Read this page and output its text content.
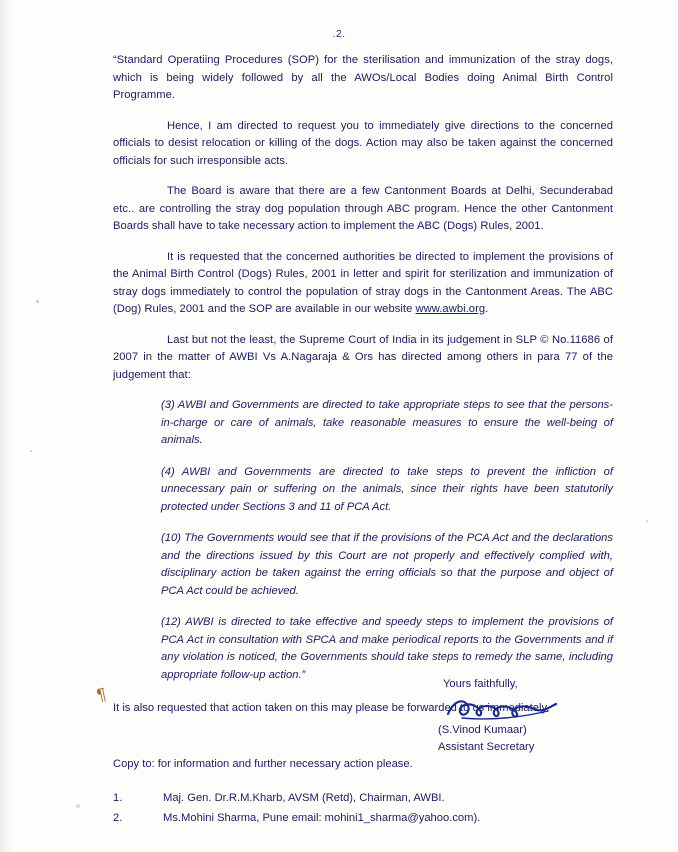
.2.

“Standard Operatiing Procedures (SOP) for the sterilisation and immunization of the stray dogs, which is being widely followed by all the AWOs/Local Bodies doing Animal Birth Control Programme.

Hence, I am directed to request you to immediately give directions to the concerned officials to desist relocation or killing of the dogs. Action may also be taken against the concerned officials for such irresponsible acts.

The Board is aware that there are a few Cantonment Boards at Delhi, Secunderabad etc.. are controlling the stray dog population through ABC program. Hence the other Cantonment Boards shall have to take necessary action to implement the ABC (Dogs) Rules, 2001.

It is requested that the concerned authorities be directed to implement the provisions of the Animal Birth Control (Dogs) Rules, 2001 in letter and spirit for sterilization and immunization of stray dogs immediately to control the population of stray dogs in the Cantonment Areas. The ABC (Dog) Rules, 2001 and the SOP are available in our website www.awbi.org.

Last but not the least, the Supreme Court of India in its judgement in SLP © No.11686 of 2007 in the matter of AWBI Vs A.Nagaraja & Ors has directed among others in para 77 of the judgement that:

(3) AWBI and Governments are directed to take appropriate steps to see that the persons-in-charge or care of animals, take reasonable measures to ensure the well-being of animals.

(4) AWBI and Governments are directed to take steps to prevent the infliction of unnecessary pain or suffering on the animals, since their rights have been statutorily protected under Sections 3 and 11 of PCA Act.

(10) The Governments would see that if the provisions of the PCA Act and the declarations and the directions issued by this Court are not properly and effectively complied with, disciplinary action be taken against the erring officials so that the purpose and object of PCA Act could be achieved.

(12) AWBI is directed to take effective and speedy steps to implement the provisions of PCA Act in consultation with SPCA and make periodical reports to the Governments and if any violation is noticed, the Governments should take steps to remedy the same, including appropriate follow-up action.”

It is also requested that action taken on this may please be forwarded to us immediately.

¶
Yours faithfully,
(S.Vinod Kumaar)
Assistant Secretary
Copy to: for information and further necessary action please.
1.	Maj. Gen. Dr.R.M.Kharb, AVSM (Retd), Chairman, AWBI.
2.	Ms.Mohini Sharma, Pune email: mohini1_sharma@yahoo.com).
